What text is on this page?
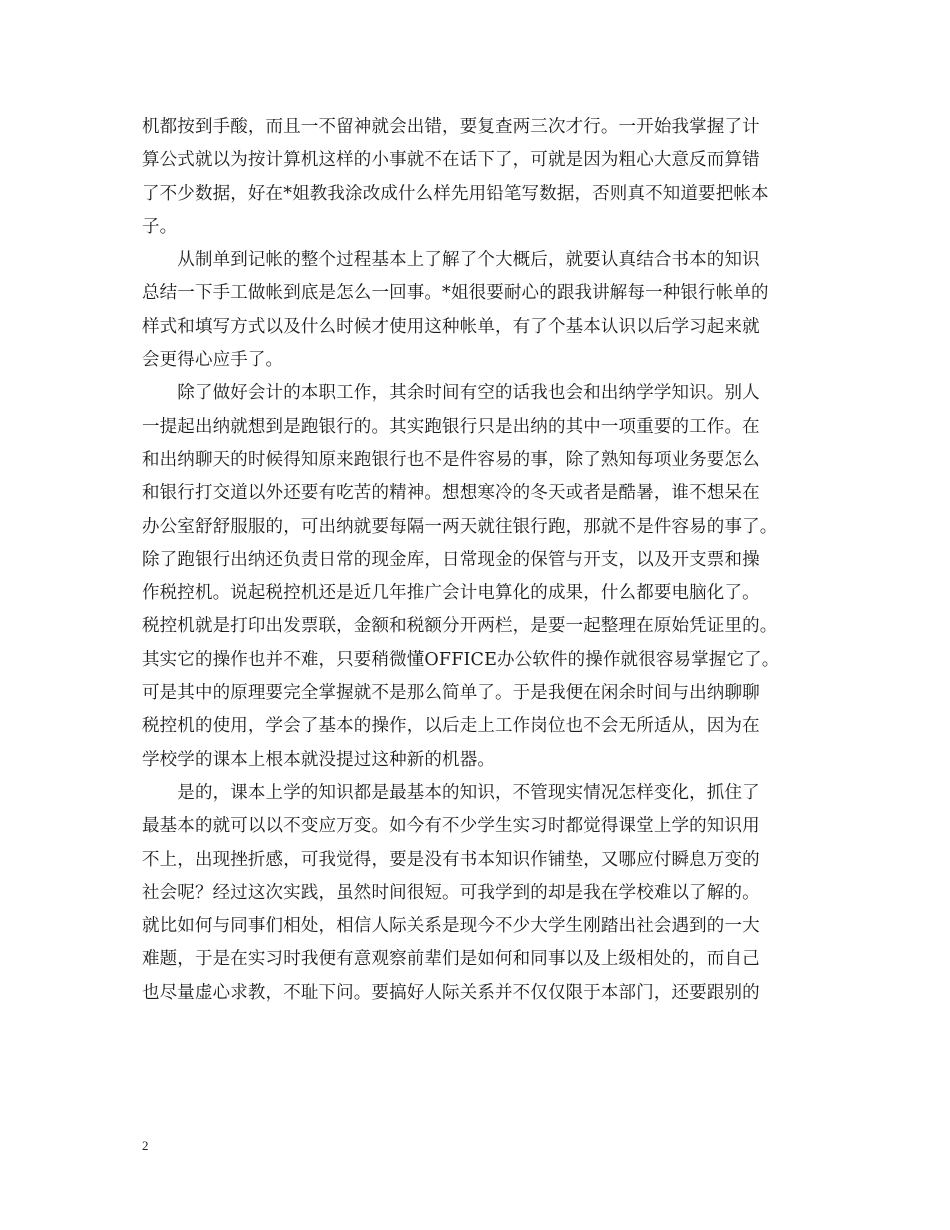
机都按到手酸，而且一不留神就会出错，要复查两三次才行。一开始我掌握了计
算公式就以为按计算机这样的小事就不在话下了，可就是因为粗心大意反而算错
了不少数据，好在*姐教我涂改成什么样先用铅笔写数据，否则真不知道要把帐本
子。
　　从制单到记帐的整个过程基本上了解了个大概后，就要认真结合书本的知识
总结一下手工做帐到底是怎么一回事。*姐很要耐心的跟我讲解每一种银行帐单的
样式和填写方式以及什么时候才使用这种帐单，有了个基本认识以后学习起来就
会更得心应手了。
　　除了做好会计的本职工作，其余时间有空的话我也会和出纳学学知识。别人
一提起出纳就想到是跑银行的。其实跑银行只是出纳的其中一项重要的工作。在
和出纳聊天的时候得知原来跑银行也不是件容易的事，除了熟知每项业务要怎么
和银行打交道以外还要有吃苦的精神。想想寒冷的冬天或者是酷暑，谁不想呆在
办公室舒舒服服的，可出纳就要每隔一两天就往银行跑，那就不是件容易的事了。
除了跑银行出纳还负责日常的现金库，日常现金的保管与开支，以及开支票和操
作税控机。说起税控机还是近几年推广会计电算化的成果，什么都要电脑化了。
税控机就是打印出发票联，金额和税额分开两栏，是要一起整理在原始凭证里的。
其实它的操作也并不难，只要稍微懂OFFICE办公软件的操作就很容易掌握它了。
可是其中的原理要完全掌握就不是那么简单了。于是我便在闲余时间与出纳聊聊
税控机的使用，学会了基本的操作，以后走上工作岗位也不会无所适从，因为在
学校学的课本上根本就没提过这种新的机器。
　　是的，课本上学的知识都是最基本的知识，不管现实情况怎样变化，抓住了
最基本的就可以以不变应万变。如今有不少学生实习时都觉得课堂上学的知识用
不上，出现挫折感，可我觉得，要是没有书本知识作铺垫，又哪应付瞬息万变的
社会呢？经过这次实践，虽然时间很短。可我学到的却是我在学校难以了解的。
就比如何与同事们相处，相信人际关系是现今不少大学生刚踏出社会遇到的一大
难题，于是在实习时我便有意观察前辈们是如何和同事以及上级相处的，而自己
也尽量虚心求教，不耻下问。要搞好人际关系并不仅仅限于本部门，还要跟别的
2
